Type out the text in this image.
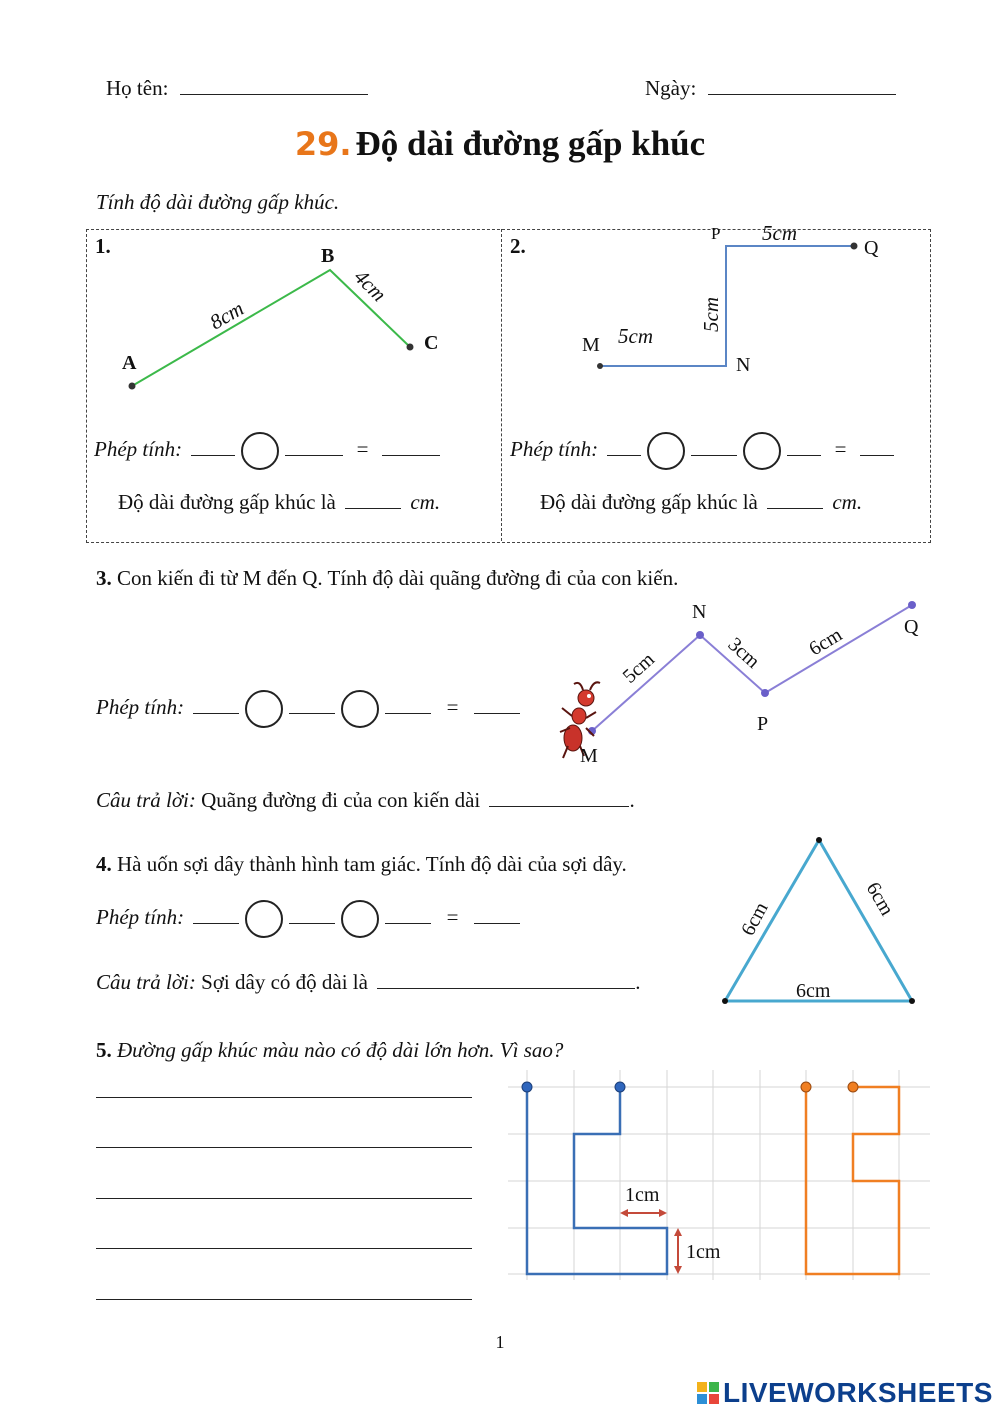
Họ tên:	Ngày:
29. Độ dài đường gấp khúc
Tính độ dài đường gấp khúc.
1.
A
B
C
8cm
4cm
M
N
P
Q
5cm
5cm
5cm
2.
Phép tính:	=
Độ dài đường gấp khúc là	cm.
Phép tính:	=
Độ dài đường gấp khúc là	cm.
3. Con kiến đi từ M đến Q. Tính độ dài quãng đường đi của con kiến.
Phép tính:	=
Câu trả lời: Quãng đường đi của con kiến dài	.
M
N
P
Q
5cm	3cm 6cm
4. Hà uốn sợi dây thành hình tam giác. Tính độ dài của sợi dây.
Phép tính:	=
Câu trả lời: Sợi dây có độ dài là	.
6cm	6cm
6cm
5. Đường gấp khúc màu nào có độ dài lớn hơn. Vì sao?
1cm
1cm
1
LIVEWORKSHEETS
